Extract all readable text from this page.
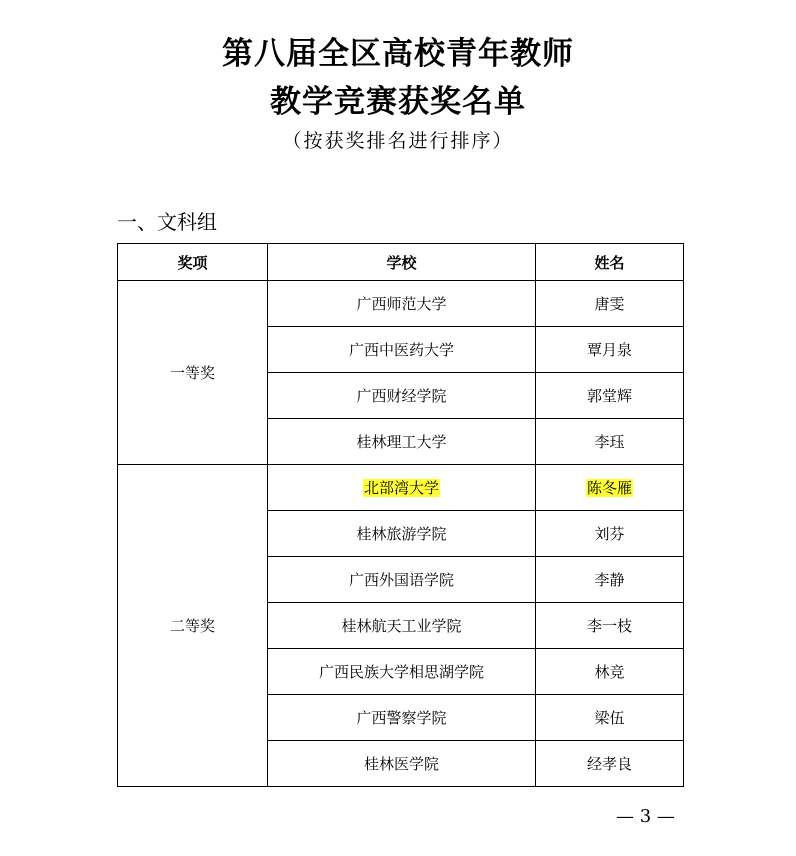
第八届全区高校青年教师
教学竞赛获奖名单
（按获奖排名进行排序）
一、文科组
奖项	学校	姓名
一等奖	广西师范大学	唐雯
	广西中医药大学	覃月泉
	广西财经学院	郭堂辉
	桂林理工大学	李珏
二等奖	北部湾大学	陈冬雁
	桂林旅游学院	刘芬
	广西外国语学院	李静
	桂林航天工业学院	李一枝
	广西民族大学相思湖学院	林竞
	广西警察学院	梁伍
	桂林医学院	经孝良
— 3 —
